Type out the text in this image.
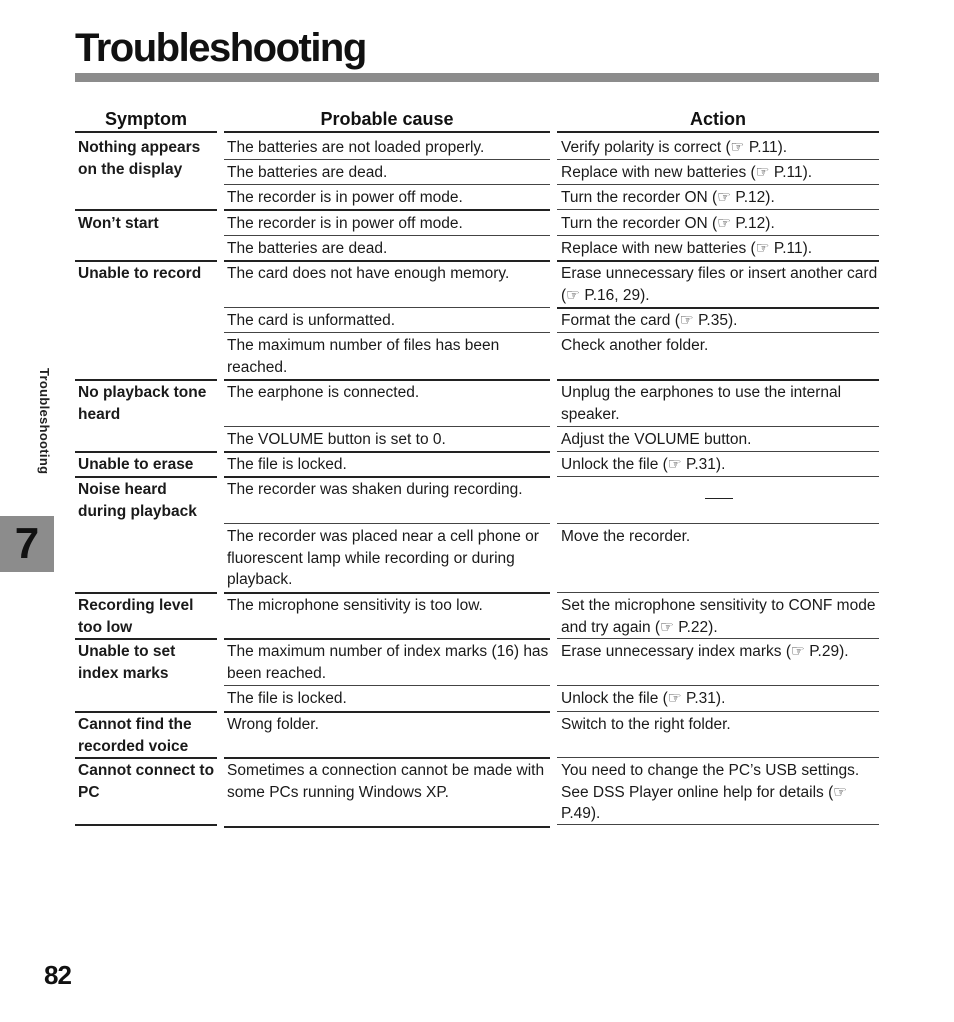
Troubleshooting
Troubleshooting
7
82
Symptom	Probable cause	Action
Nothing appears on the display
Won’t start
Unable to record
No playback tone heard
Unable to erase
Noise heard during playback
Recording level too low
Unable to set index marks
Cannot find the recorded voice
Cannot connect to PC
The batteries are not loaded properly.
The batteries are dead.
The recorder is in power off mode.
The recorder is in power off mode.
The batteries are dead.
The card does not have enough memory.
The card is unformatted.
The maximum number of files has been reached.
The earphone is connected.
The VOLUME button is set to 0.
The file is locked.
The recorder was shaken during recording.
The recorder was placed near a cell phone or fluorescent lamp while recording or during playback.
The microphone sensitivity is too low.
The maximum number of index marks (16) has been reached.
The file is locked.
Wrong folder.
Sometimes a connection cannot be made with some PCs running Windows XP.
Verify polarity is correct (☞ P.11).
Replace with new batteries (☞ P.11).
Turn the recorder ON (☞ P.12).
Turn the recorder ON (☞ P.12).
Replace with new batteries (☞ P.11).
Erase unnecessary files or insert another card (☞ P.16, 29).
Format the card (☞ P.35).
Check another folder.
Unplug the earphones to use the internal speaker.
Adjust the VOLUME button.
Unlock the file (☞ P.31).
Move the recorder.
Set the microphone sensitivity to CONF mode and try again (☞ P.22).
Erase unnecessary index marks (☞ P.29).
Unlock the file (☞ P.31).
Switch to the right folder.
You need to change the PC’s USB settings. See DSS Player online help for details (☞ P.49).
